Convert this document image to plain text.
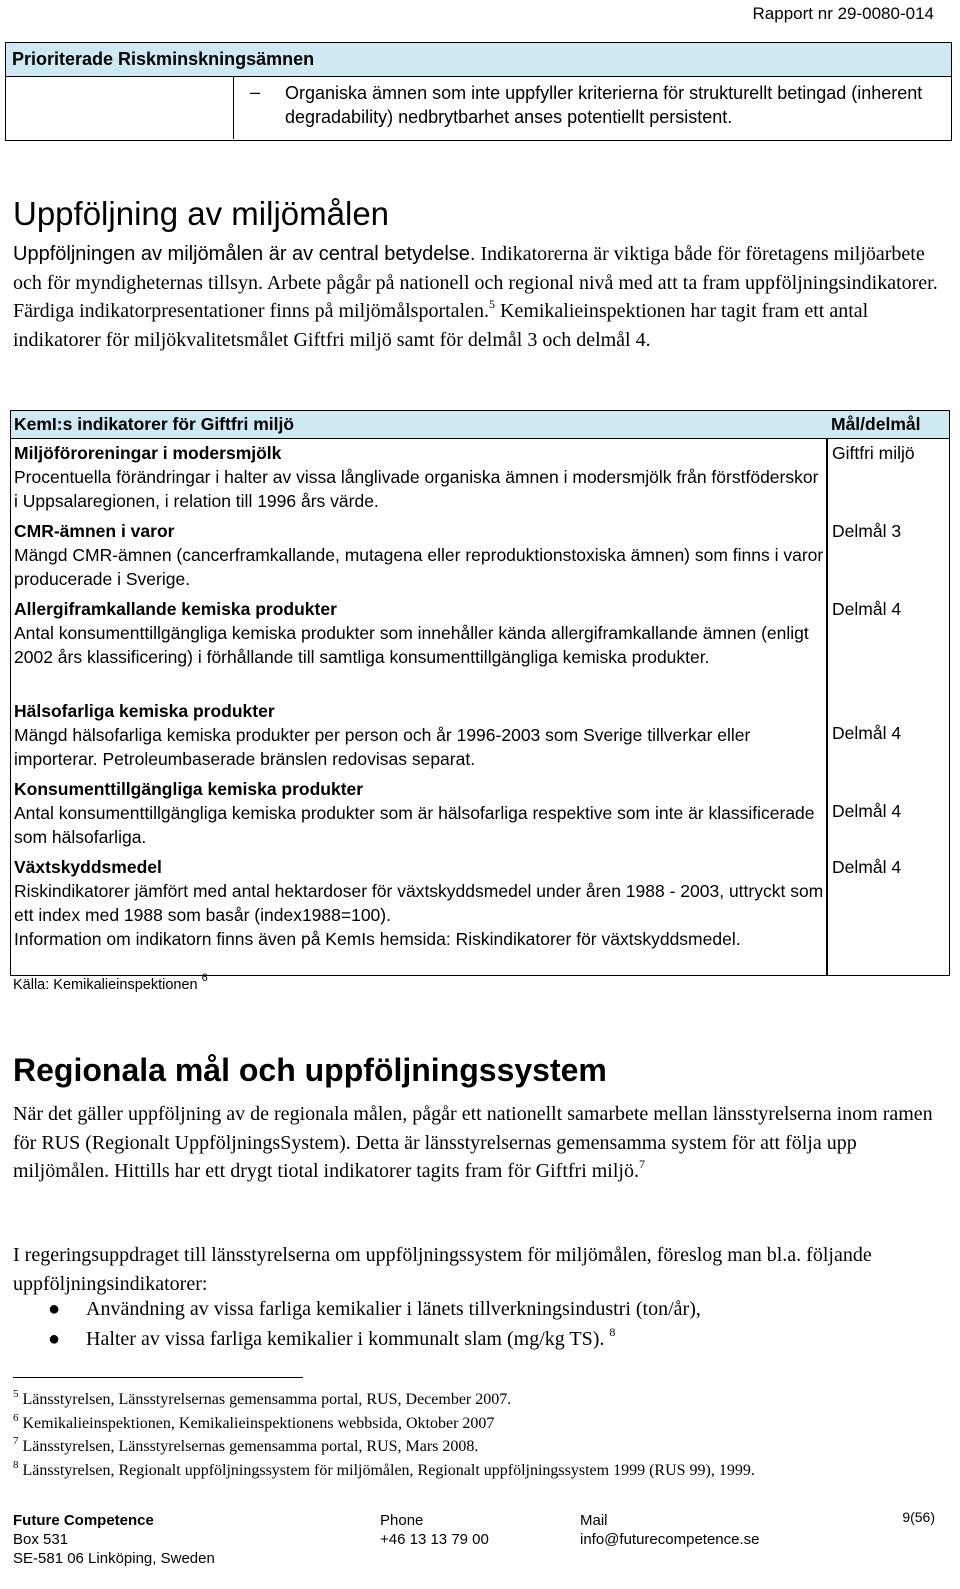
Rapport nr 29-0080-014
Prioriterade Riskminskningsämnen
– Organiska ämnen som inte uppfyller kriterierna för strukturellt betingad (inherent degradability) nedbrytbarhet anses potentiellt persistent.
Uppföljning av miljömålen
Uppföljningen av miljömålen är av central betydelse. Indikatorerna är viktiga både för företagens miljöarbete och för myndigheternas tillsyn. Arbete pågår på nationell och regional nivå med att ta fram uppföljningsindikatorer. Färdiga indikatorpresentationer finns på miljömålsportalen.$^5$ Kemikalieinspektionen har tagit fram ett antal indikatorer för miljökvalitetsmålet Giftfri miljö samt för delmål 3 och delmål 4.
KemI:s indikatorer för Giftfri miljö	Mål/delmål
Miljöföroreningar i modersmjölk
Procentuella förändringar i halter av vissa långlivade organiska ämnen i modersmjölk från förstföderskor i Uppsalaregionen, i relation till 1996 års värde.
Giftfri miljö
CMR-ämnen i varor
Mängd CMR-ämnen (cancerframkallande, mutagena eller reproduktionstoxiska ämnen) som finns i varor producerade i Sverige.
Delmål 3
Allergiframkallande kemiska produkter
Antal konsumenttillgängliga kemiska produkter som innehåller kända allergiframkallande ämnen (enligt 2002 års klassificering) i förhållande till samtliga konsumenttillgängliga kemiska produkter.
Delmål 4
Hälsofarliga kemiska produkter
Mängd hälsofarliga kemiska produkter per person och år 1996-2003 som Sverige tillverkar eller importerar. Petroleumbaserade bränslen redovisas separat.
Delmål 4
Konsumenttillgängliga kemiska produkter
Antal konsumenttillgängliga kemiska produkter som är hälsofarliga respektive som inte är klassificerade som hälsofarliga.
Delmål 4
Växtskyddsmedel
Riskindikatorer jämfört med antal hektardoser för växtskyddsmedel under åren 1988 - 2003, uttryckt som ett index med 1988 som basår (index1988=100).
Information om indikatorn finns även på KemIs hemsida: Riskindikatorer för växtskyddsmedel.
Delmål 4
Källa: Kemikalieinspektionen $^6$
Regionala mål och uppföljningssystem
När det gäller uppföljning av de regionala målen, pågår ett nationellt samarbete mellan länsstyrelserna inom ramen för RUS (Regionalt UppföljningsSystem). Detta är länsstyrelsernas gemensamma system för att följa upp miljömålen. Hittills har ett drygt tiotal indikatorer tagits fram för Giftfri miljö.$^7$
I regeringsuppdraget till länsstyrelserna om uppföljningssystem för miljömålen, föreslog man bl.a. följande uppföljningsindikatorer:
● Användning av vissa farliga kemikalier i länets tillverkningsindustri (ton/år),
● Halter av vissa farliga kemikalier i kommunalt slam (mg/kg TS). $^8$
$^5$ Länsstyrelsen, Länsstyrelsernas gemensamma portal, RUS, December 2007.
$^6$ Kemikalieinspektionen, Kemikalieinspektionens webbsida, Oktober 2007
$^7$ Länsstyrelsen, Länsstyrelsernas gemensamma portal, RUS, Mars 2008.
$^8$ Länsstyrelsen, Regionalt uppföljningssystem för miljömålen, Regionalt uppföljningssystem 1999 (RUS 99), 1999.
Future Competence
Box 531
SE-581 06 Linköping, Sweden
Phone
+46 13 13 79 00
Mail
info@futurecompetence.se
9(56)
